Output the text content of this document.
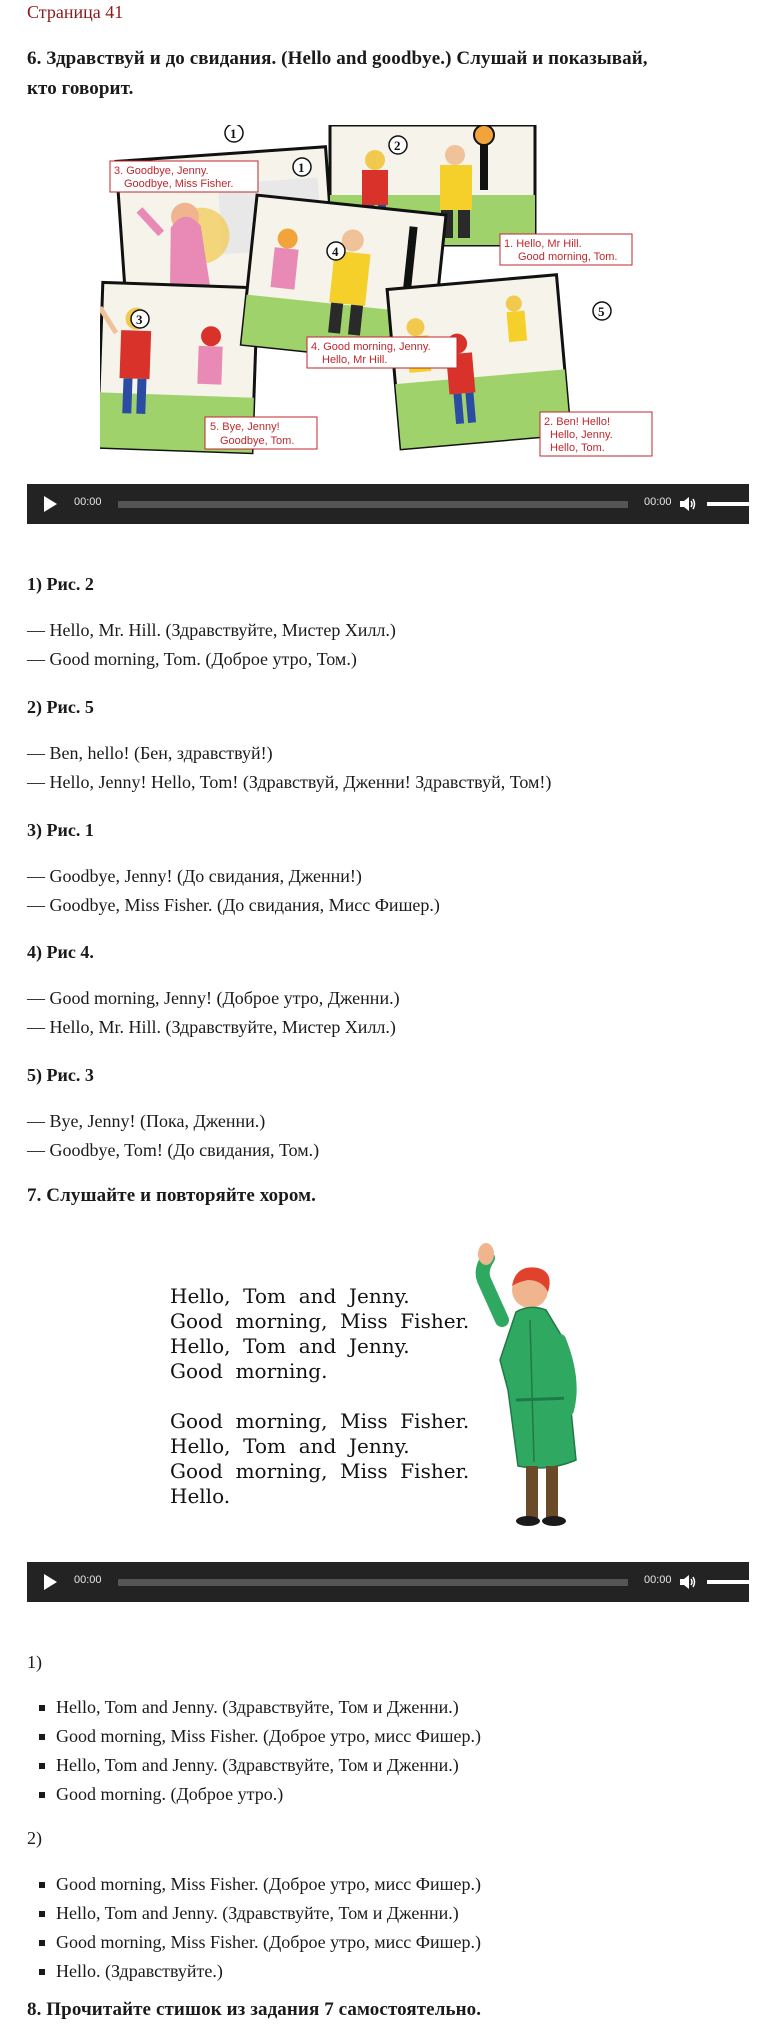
Страница 41
6. Здравствуй и до свидания. (Hello and goodbye.) Слушай и показывай,
кто говорит.
1
1
2
3
4
5
3. Goodbye, Jenny.
Goodbye, Miss Fisher.
1. Hello, Mr Hill.
Good morning, Tom.
4. Good morning, Jenny.
Hello, Mr Hill.
5. Bye, Jenny!
Goodbye, Tom.
2. Ben! Hello!
Hello, Jenny.
Hello, Tom.
00:00	00:00
1) Рис. 2
— Hello, Mr. Hill. (Здравствуйте, Мистер Хилл.)
— Good morning, Tom. (Доброе утро, Том.)
2) Рис. 5
— Ben, hello! (Бен, здравствуй!)
— Hello, Jenny! Hello, Tom! (Здравствуй, Дженни! Здравствуй, Том!)
3) Рис. 1
— Goodbye, Jenny! (До свидания, Дженни!)
— Goodbye, Miss Fisher. (До свидания, Мисс Фишер.)
4) Рис 4.
— Good morning, Jenny! (Доброе утро, Дженни.)
— Hello, Mr. Hill. (Здравствуйте, Мистер Хилл.)
5) Рис. 3
— Bye, Jenny! (Пока, Дженни.)
— Goodbye, Tom! (До свидания, Том.)
7. Слушайте и повторяйте хором.
Hello,  Tom  and  Jenny.
Good  morning,  Miss  Fisher.
Hello,  Tom  and  Jenny.
Good  morning.
Good  morning,  Miss  Fisher.
Hello,  Tom  and  Jenny.
Good  morning,  Miss  Fisher.
Hello.
00:00	00:00
1)
Hello, Tom and Jenny. (Здравствуйте, Том и Дженни.)
Good morning, Miss Fisher. (Доброе утро, мисс Фишер.)
Hello, Tom and Jenny. (Здравствуйте, Том и Дженни.)
Good morning. (Доброе утро.)
2)
Good morning, Miss Fisher. (Доброе утро, мисс Фишер.)
Hello, Tom and Jenny. (Здравствуйте, Том и Дженни.)
Good morning, Miss Fisher. (Доброе утро, мисс Фишер.)
Hello. (Здравствуйте.)
8. Прочитайте стишок из задания 7 самостоятельно.
